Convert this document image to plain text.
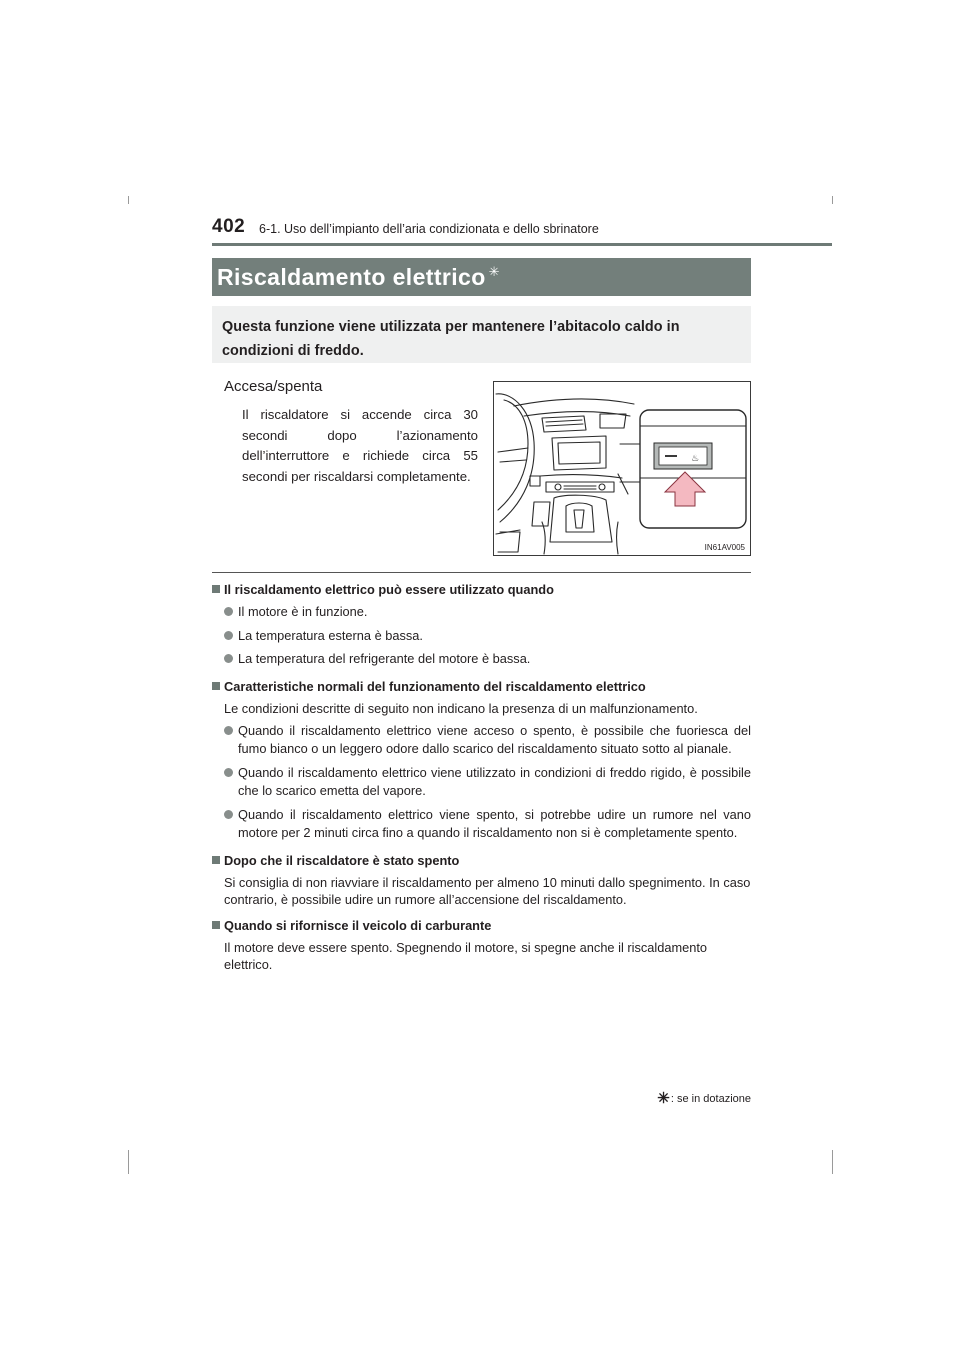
402 6-1. Uso dell’impianto dell’aria condizionata e dello sbrinatore
Riscaldamento elettrico ✳
Questa funzione viene utilizzata per mantenere l’abitacolo caldo in condizioni di freddo.
Accesa/spenta
Il riscaldatore si accende circa 30 secondi dopo l’azionamento dell’interruttore e richiede circa 55 secondi per riscaldarsi completamente.
♨
IN61AV005
Il riscaldamento elettrico può essere utilizzato quando
Il motore è in funzione.
La temperatura esterna è bassa.
La temperatura del refrigerante del motore è bassa.
Caratteristiche normali del funzionamento del riscaldamento elettrico
Le condizioni descritte di seguito non indicano la presenza di un malfunzionamento.
Quando il riscaldamento elettrico viene acceso o spento, è possibile che fuoriesca del fumo bianco o un leggero odore dallo scarico del riscaldamento situato sotto al pianale.
Quando il riscaldamento elettrico viene utilizzato in condizioni di freddo rigido, è possibile che lo scarico emetta del vapore.
Quando il riscaldamento elettrico viene spento, si potrebbe udire un rumore nel vano motore per 2 minuti circa fino a quando il riscaldamento non si è completamente spento.
Dopo che il riscaldatore è stato spento
Si consiglia di non riavviare il riscaldamento per almeno 10 minuti dallo spegnimento. In caso contrario, è possibile udire un rumore all’accensione del riscaldamento.
Quando si rifornisce il veicolo di carburante
Il motore deve essere spento. Spegnendo il motore, si spegne anche il riscaldamento elettrico.
✳: se in dotazione
